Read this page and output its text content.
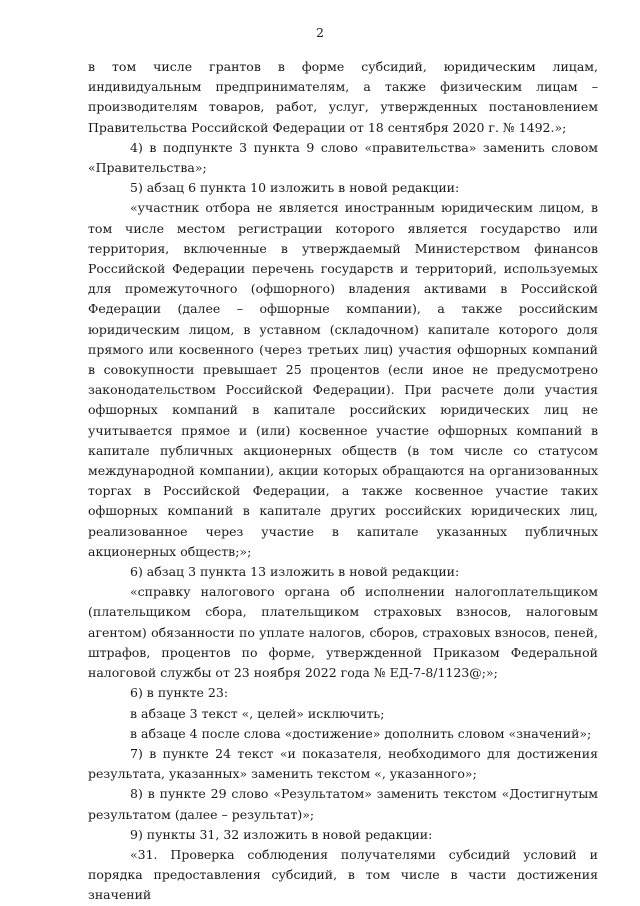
2

в том числе грантов в форме субсидий, юридическим лицам, индивидуальным предпринимателям, а также физическим лицам – производителям товаров, работ, услуг, утвержденных постановлением Правительства Российской Федерации от 18 сентября 2020 г. № 1492.»;

4) в подпункте 3 пункта 9 слово «правительства» заменить словом «Правительства»;

5) абзац 6 пункта 10 изложить в новой редакции:

«участник отбора не является иностранным юридическим лицом, в том числе местом регистрации которого является государство или территория, включенные в утверждаемый Министерством финансов Российской Федерации перечень государств и территорий, используемых для промежуточного (офшорного) владения активами в Российской Федерации (далее – офшорные компании), а также российским юридическим лицом, в уставном (складочном) капитале которого доля прямого или косвенного (через третьих лиц) участия офшорных компаний в совокупности превышает 25 процентов (если иное не предусмотрено законодательством Российской Федерации). При расчете доли участия офшорных компаний в капитале российских юридических лиц не учитывается прямое и (или) косвенное участие офшорных компаний в капитале публичных акционерных обществ (в том числе со статусом международной компании), акции которых обращаются на организованных торгах в Российской Федерации, а также косвенное участие таких офшорных компаний в капитале других российских юридических лиц, реализованное через участие в капитале указанных публичных акционерных обществ;»;

6) абзац 3 пункта 13 изложить в новой редакции:

«справку налогового органа об исполнении налогоплательщиком (плательщиком сбора, плательщиком страховых взносов, налоговым агентом) обязанности по уплате налогов, сборов, страховых взносов, пеней, штрафов, процентов по форме, утвержденной Приказом Федеральной налоговой службы от 23 ноября 2022 года № ЕД-7-8/1123@;»;

6) в пункте 23:

в абзаце 3 текст «, целей» исключить;

в абзаце 4 после слова «достижение» дополнить словом «значений»;

7) в пункте 24 текст «и показателя, необходимого для достижения результата, указанных» заменить текстом «, указанного»;

8) в пункте 29 слово «Результатом» заменить текстом «Достигнутым результатом (далее – результат)»;

9) пункты 31, 32 изложить в новой редакции:

«31. Проверка соблюдения получателями субсидий условий и порядка предоставления субсидий, в том числе в части достижения значений
